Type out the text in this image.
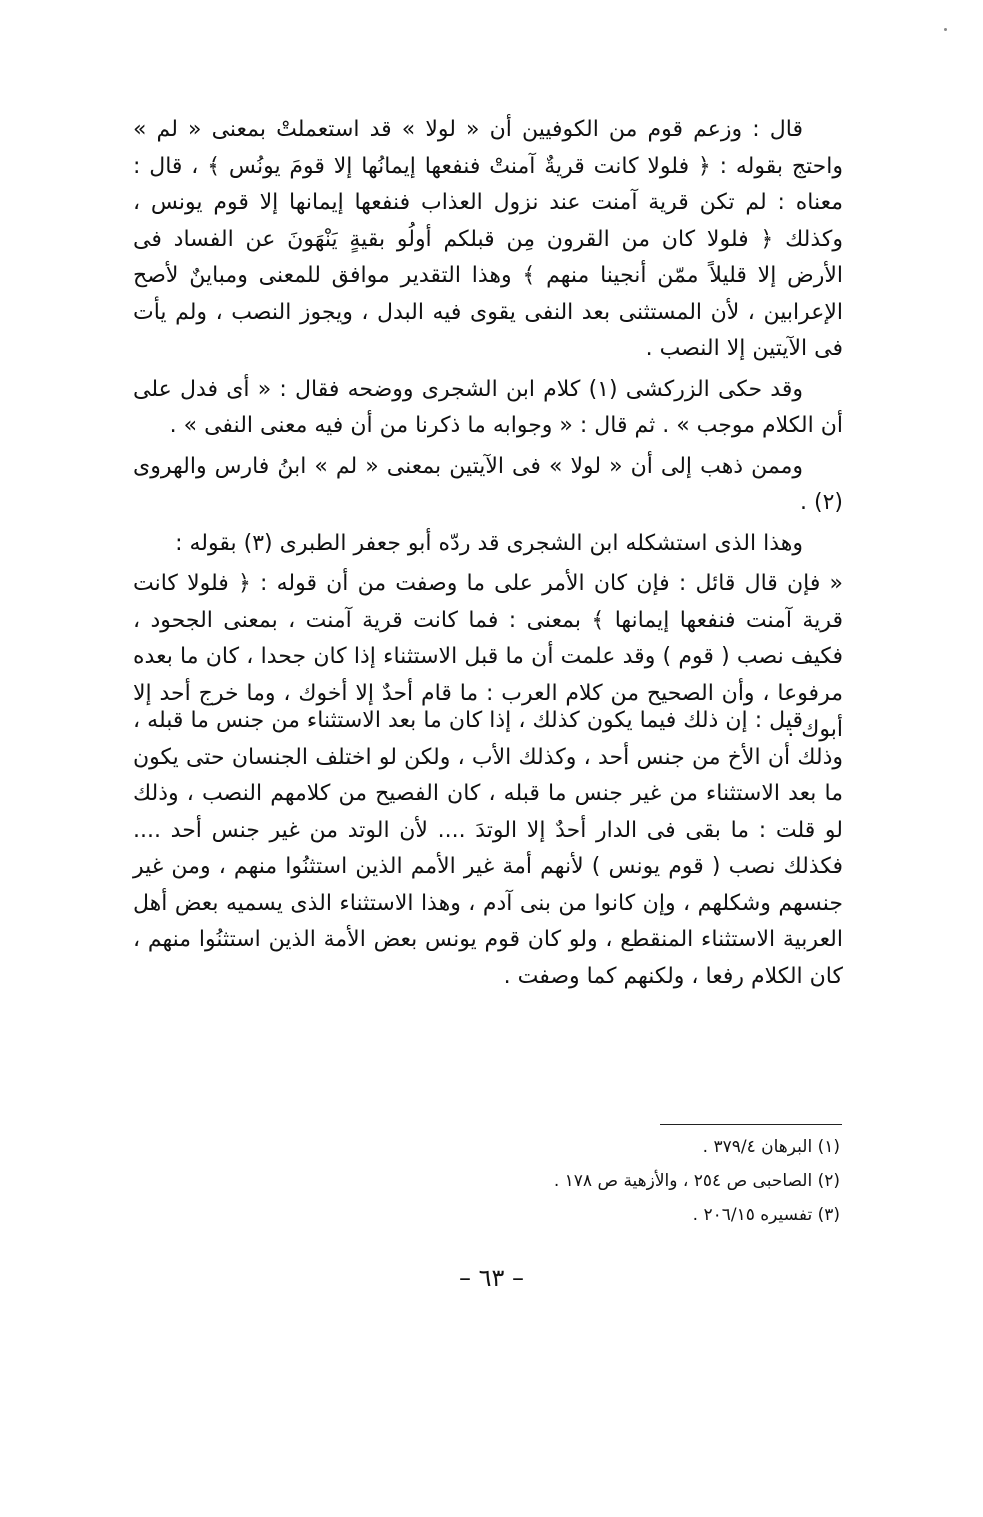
قال : وزعم قوم من الكوفيين أن « لولا » قد استعملتْ بمعنى « لم » واحتج بقوله : ﴿ فلولا كانت قريةٌ آمنتْ فنفعها إيمانُها إلا قومَ يونُس ﴾ ، قال : معناه : لم تكن قرية آمنت عند نزول العذاب فنفعها إيمانها إلا قوم يونس ، وكذلك ﴿ فلولا كان من القرون مِن قبلكم أولُو بقيةٍ يَنْهَونَ عن الفساد فى الأرض إلا قليلاً ممّن أنجينا منهم ﴾ وهذا التقدير موافق للمعنى ومباينٌ لأصح الإعرابين ، لأن المستثنى بعد النفى يقوى فيه البدل ، ويجوز النصب ، ولم يأت فى الآيتين إلا النصب .

وقد حكى الزركشى (١) كلام ابن الشجرى ووضحه فقال : « أى فدل على أن الكلام موجب » . ثم قال : « وجوابه ما ذكرنا من أن فيه معنى النفى » .

وممن ذهب إلى أن « لولا » فى الآيتين بمعنى « لم » ابنُ فارس والهروى (٢) .

وهذا الذى استشكله ابن الشجرى قد ردّه أبو جعفر الطبرى (٣) بقوله :

« فإن قال قائل : فإن كان الأمر على ما وصفت من أن قوله : ﴿ فلولا كانت قرية آمنت فنفعها إيمانها ﴾ بمعنى : فما كانت قرية آمنت ، بمعنى الجحود ، فكيف نصب ( قوم ) وقد علمت أن ما قبل الاستثناء إذا كان جحدا ، كان ما بعده مرفوعا ، وأن الصحيح من كلام العرب : ما قام أحدٌ إلا أخوك ، وما خرج أحد إلا أبوك .

قيل : إن ذلك فيما يكون كذلك ، إذا كان ما بعد الاستثناء من جنس ما قبله ، وذلك أن الأخ من جنس أحد ، وكذلك الأب ، ولكن لو اختلف الجنسان حتى يكون ما بعد الاستثناء من غير جنس ما قبله ، كان الفصيح من كلامهم النصب ، وذلك لو قلت : ما بقى فى الدار أحدٌ إلا الوتدَ .... لأن الوتد من غير جنس أحد .... فكذلك نصب ( قوم يونس ) لأنهم أمة غير الأمم الذين استثنُوا منهم ، ومن غير جنسهم وشكلهم ، وإن كانوا من بنى آدم ، وهذا الاستثناء الذى يسميه بعض أهل العربية الاستثناء المنقطع ، ولو كان قوم يونس بعض الأمة الذين استثنُوا منهم ، كان الكلام رفعا ، ولكنهم كما وصفت .

(١) البرهان ٣٧٩/٤ .

(٢) الصاحبى ص ٢٥٤ ، والأزهية ص ١٧٨ .

(٣) تفسيره ٢٠٦/١٥ .

– ٦٣ –
